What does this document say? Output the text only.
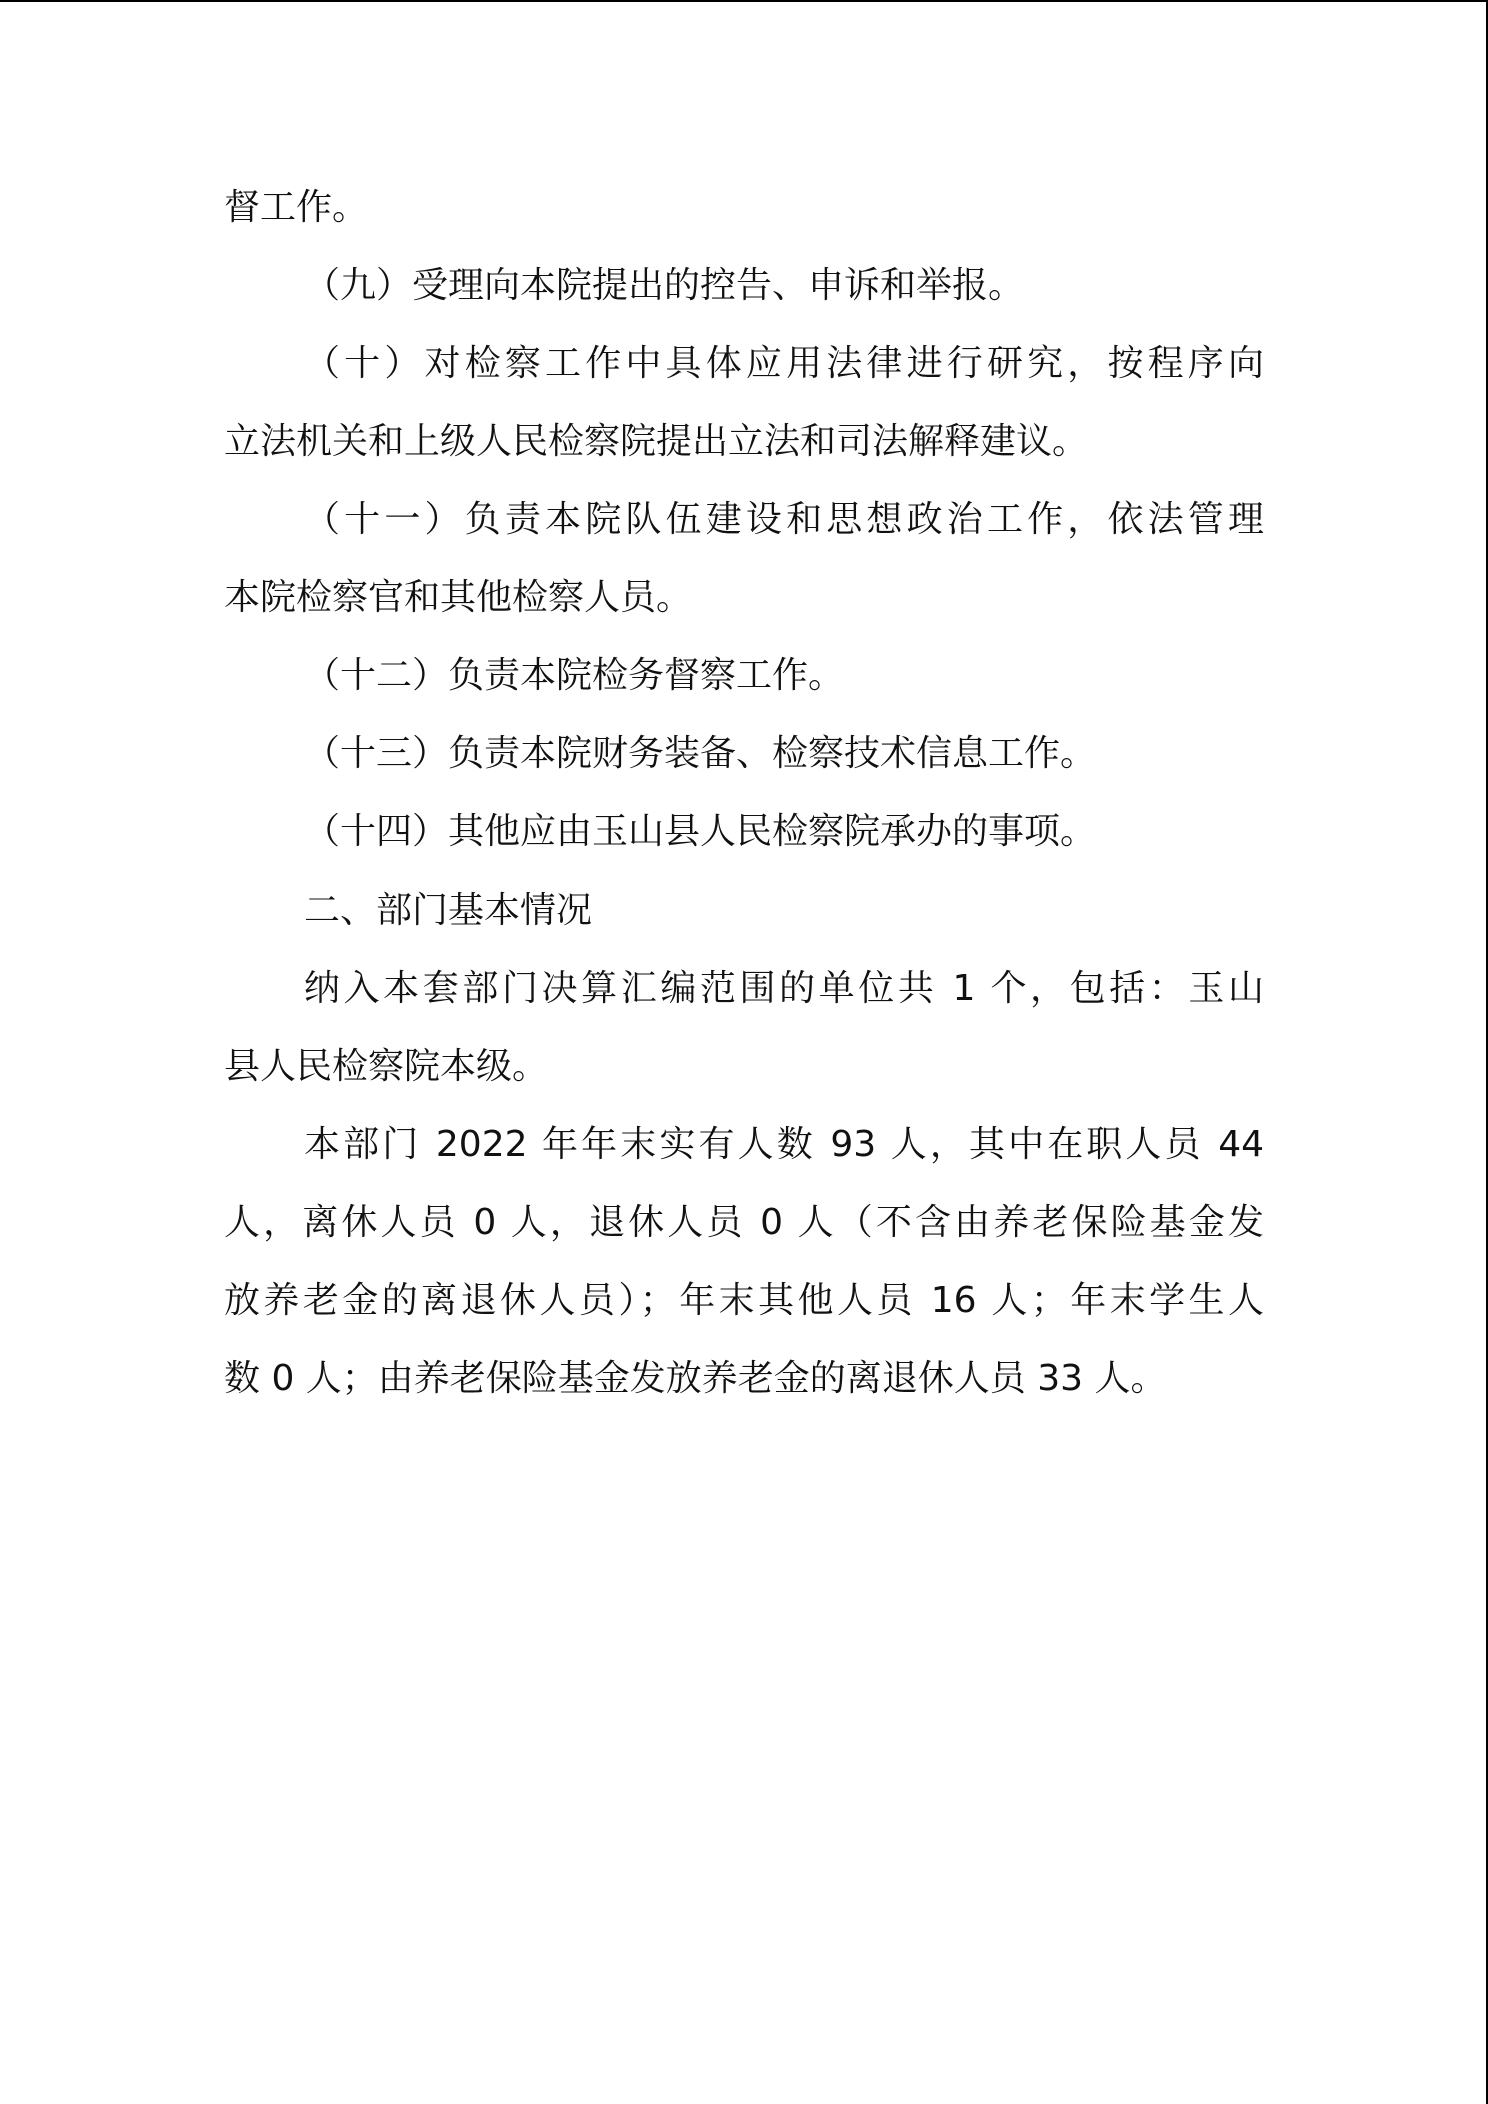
督工作。

（九）受理向本院提出的控告、申诉和举报。

（十）对检察工作中具体应用法律进行研究，按程序向

立法机关和上级人民检察院提出立法和司法解释建议。

（十一）负责本院队伍建设和思想政治工作，依法管理

本院检察官和其他检察人员。

（十二）负责本院检务督察工作。

（十三）负责本院财务装备、检察技术信息工作。

（十四）其他应由玉山县人民检察院承办的事项。

二、部门基本情况

纳入本套部门决算汇编范围的单位共 1 个，包括：玉山

县人民检察院本级。

本部门 2022 年年末实有人数 93 人，其中在职人员 44

人，离休人员 0 人，退休人员 0 人（不含由养老保险基金发

放养老金的离退休人员）；年末其他人员 16 人；年末学生人

数 0 人；由养老保险基金发放养老金的离退休人员 33 人。
